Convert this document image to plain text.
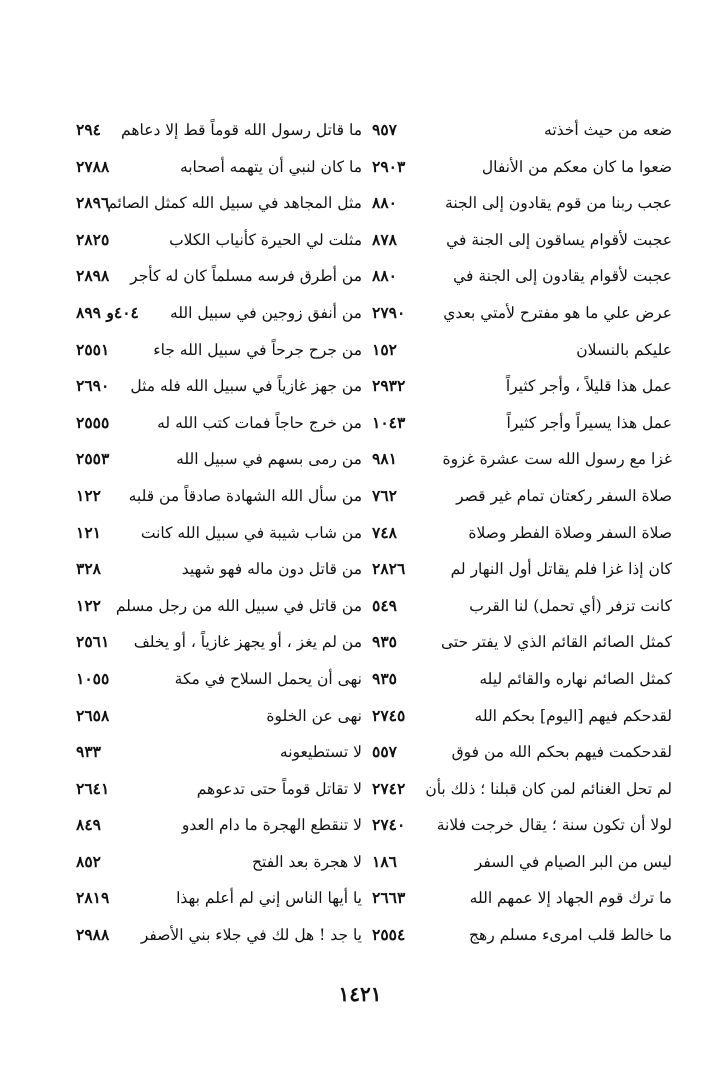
ضعه من حيث أخذته
٩٥٧
ضعوا ما كان معكم من الأنفال
٢٩٠٣
عجب ربنا من قوم يقادون إلى الجنة
٨٨٠
عجبت لأقوام يساقون إلى الجنة في
٨٧٨
عجبت لأقوام يقادون إلى الجنة في
٨٨٠
عرض علي ما هو مفترح لأمتي بعدي
٢٧٩٠
عليكم بالنسلان
١٥٢
عمل هذا قليلاً ، وأجر كثيراً
٢٩٣٢
عمل هذا يسيراً وأجر كثيراً
١٠٤٣
غزا مع رسول الله ست عشرة غزوة
٩٨١
صلاة السفر ركعتان تمام غير قصر
٧٦٢
صلاة السفر وصلاة الفطر وصلاة
٧٤٨
كان إذا غزا فلم يقاتل أول النهار لم
٢٨٢٦
كانت تزفر (أي تحمل) لنا القرب
٥٤٩
كمثل الصائم القائم الذي لا يفتر حتى
٩٣٥
كمثل الصائم نهاره والقائم ليله
٩٣٥
لقدحكم فيهم [اليوم] بحكم الله
٢٧٤٥
لقدحكمت فيهم بحكم الله من فوق
٥٥٧
لم تحل الغنائم لمن كان قبلنا ؛ ذلك بأن
٢٧٤٢
لولا أن تكون سنة ؛ يقال خرجت فلانة
٢٧٤٠
ليس من البر الصيام في السفر
١٨٦
ما ترك قوم الجهاد إلا عمهم الله
٢٦٦٣
ما خالط قلب امرىء مسلم رهج
٢٥٥٤
ما قاتل رسول الله قوماً قط إلا دعاهم
٢٩٤
ما كان لنبي أن يتهمه أصحابه
٢٧٨٨
مثل المجاهد في سبيل الله كمثل الصائم
٢٨٩٦
مثلت لي الحيرة كأنياب الكلاب
٢٨٢٥
من أطرق فرسه مسلماً كان له كأجر
٢٨٩٨
من أنفق زوجين في سبيل الله
٤٠٤و ٨٩٩
من جرح جرحاً في سبيل الله جاء
٢٥٥١
من جهز غازياً في سبيل الله فله مثل
٢٦٩٠
من خرج حاجاً فمات كتب الله له
٢٥٥٥
من رمى بسهم في سبيل الله
٢٥٥٣
من سأل الله الشهادة صادقاً من قلبه
١٢٢
من شاب شيبة في سبيل الله كانت
١٢١
من قاتل دون ماله فهو شهيد
٣٢٨
من قاتل في سبيل الله من رجل مسلم
١٢٢
من لم يغز ، أو يجهز غازياً ، أو يخلف
٢٥٦١
نهى أن يحمل السلاح في مكة
١٠٥٥
نهى عن الخلوة
٢٦٥٨
لا تستطيعونه
٩٣٣
لا تقاتل قوماً حتى تدعوهم
٢٦٤١
لا تنقطع الهجرة ما دام العدو
٨٤٩
لا هجرة بعد الفتح
٨٥٢
يا أيها الناس إني لم أعلم بهذا
٢٨١٩
يا جد ! هل لك في جلاء بني الأصفر
٢٩٨٨
١٤٢١
